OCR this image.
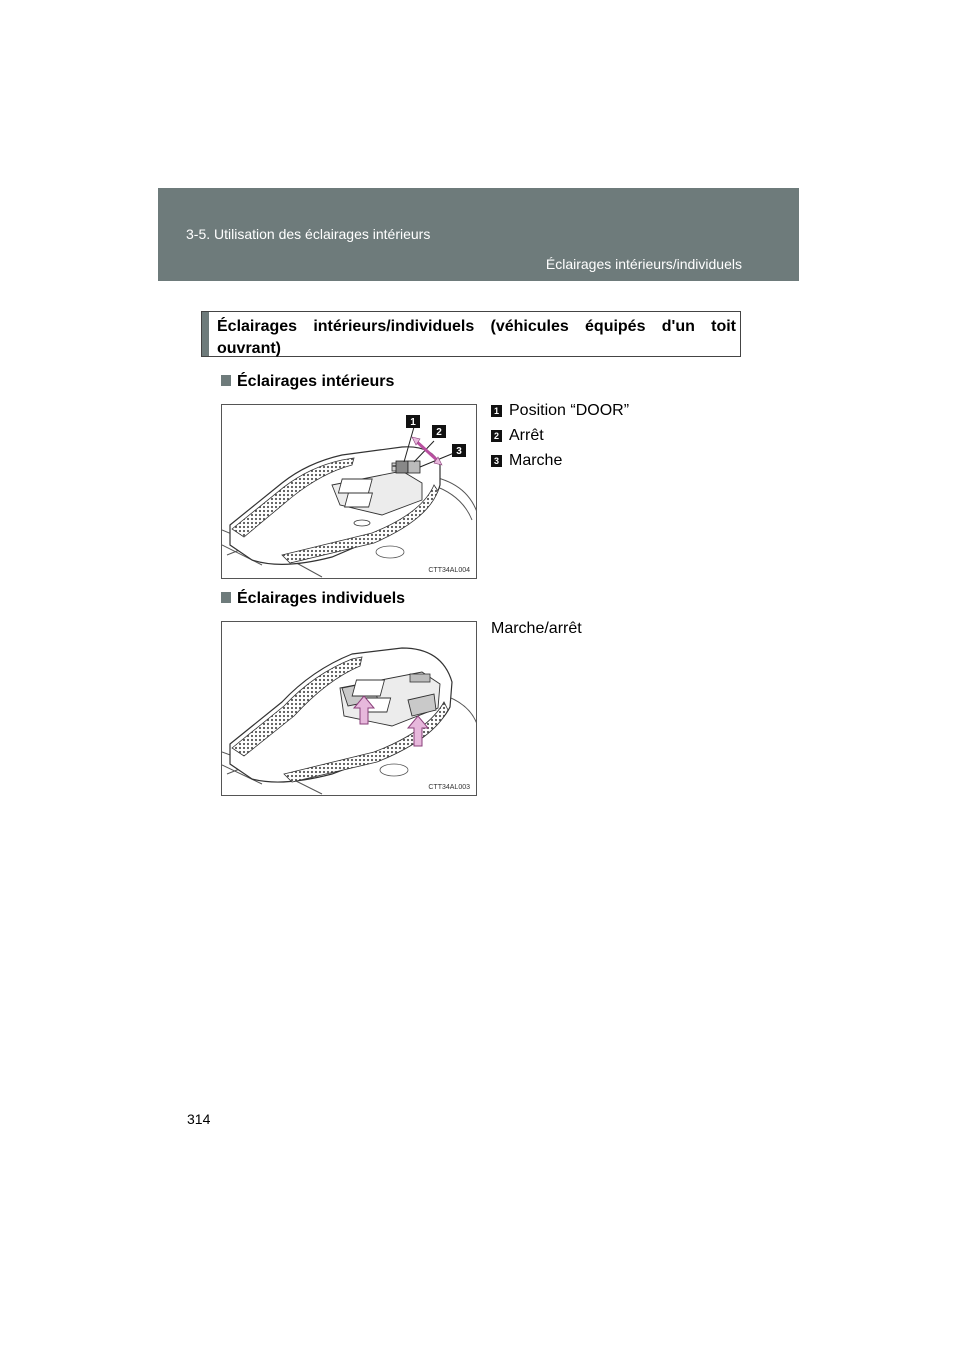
3-5. Utilisation des éclairages intérieurs
Éclairages intérieurs/individuels
Éclairages intérieurs/individuels (véhicules équipés d'un toit ouvrant)
Éclairages intérieurs
1
2
3
CTT34AL004
1 Position “DOOR”
2 Arrêt
3 Marche
Éclairages individuels
CTT34AL003
Marche/arrêt
314
